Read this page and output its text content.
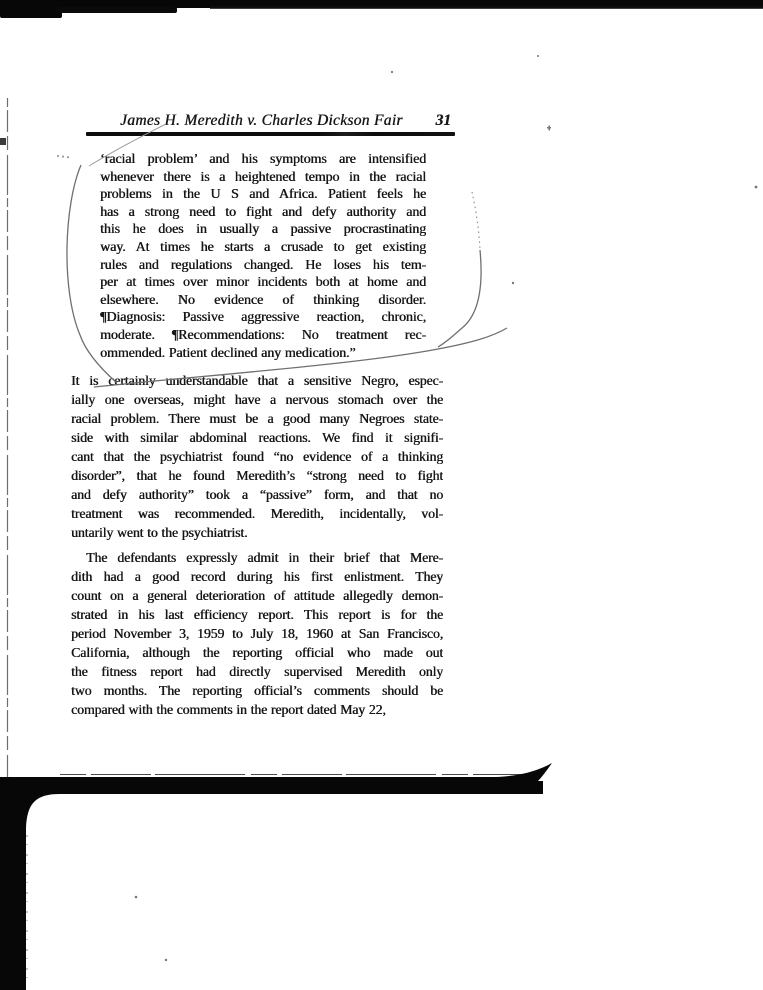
James H. Meredith v. Charles Dickson Fair 31
‘racial problem’ and his symptoms are intensified
whenever there is a heightened tempo in the racial
problems in the U S and Africa. Patient feels he
has a strong need to fight and defy authority and
this he does in usually a passive procrastinating
way. At times he starts a crusade to get existing
rules and regulations changed. He loses his tem-
per at times over minor incidents both at home and
elsewhere. No evidence of thinking disorder.
¶Diagnosis: Passive aggressive reaction, chronic,
moderate. ¶Recommendations: No treatment rec-
ommended. Patient declined any medication.”
It is certainly understandable that a sensitive Negro, espec-
ially one overseas, might have a nervous stomach over the
racial problem. There must be a good many Negroes state-
side with similar abdominal reactions. We find it signifi-
cant that the psychiatrist found “no evidence of a thinking
disorder”, that he found Meredith’s “strong need to fight
and defy authority” took a “passive” form, and that no
treatment was recommended. Meredith, incidentally, vol-
untarily went to the psychiatrist.
The defendants expressly admit in their brief that Mere-
dith had a good record during his first enlistment. They
count on a general deterioration of attitude allegedly demon-
strated in his last efficiency report. This report is for the
period November 3, 1959 to July 18, 1960 at San Francisco,
California, although the reporting official who made out
the fitness report had directly supervised Meredith only
two months. The reporting official’s comments should be
compared with the comments in the report dated May 22,
